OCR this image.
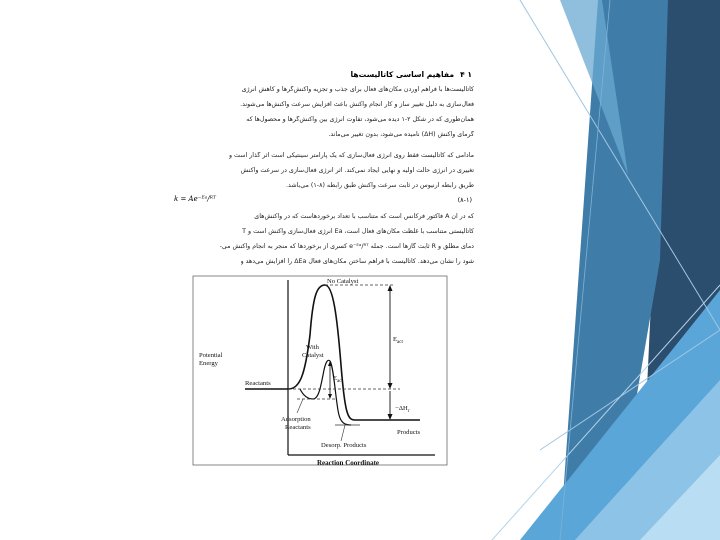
۱ ۴مفاهیم اساسی کاتالیست‌ها
کاتالیست‌ها با فراهم آوردن مکان‌های فعال برای جذب و تجزیه واکنش‌گرها و کاهش انرژی
فعال‌سازی به دلیل تغییر ساز و کار انجام واکنش باعث افزایش سرعت واکنش‌ها می‌شوند.
همان‌طوری که در شکل ۲-۱ دیده می‌شود، تفاوت انرژی بین واکنش‌گرها و محصول‌ها که
گرمای واکنش (ΔH) نامیده می‌شود، بدون تغییر می‌ماند.
مادامی که کاتالیست فقط روی انرژی فعال‌سازی که یک پارامتر سینتیکی است اثر گذار است و
تغییری در انرژی حالت اولیه و نهایی ایجاد نمی‌کند. اثر انرژی فعال‌سازی در سرعت واکنش
طریق رابطه آرنیوس در ثابت سرعت واکنش طبق رابطه (۸-۱) می‌باشد.
k = Ae⁻ᴱᵃ/ᴿᵀ	(۸-۱)
که در آن A فاکتور فرکانس است که متناسب با تعداد برخوردهاست که در واکنش‌های
کاتالیستی متناسب با غلظت مکان‌های فعال است، Ea انرژی فعال‌سازی واکنش است و T
دمای مطلق و R ثابت گازها است. جمله e⁻ᴱᵃ/ᴿᵀ کسری از برخوردها که منجر به انجام واکنش می‌-
شود را نشان می‌دهد. کاتالیست با فراهم ساختن مکان‌های فعال ΔEa را افزایش می‌دهد و
No Catalyst
With
Catalyst
Potential
Energy
Reactants
Adsorption
Reactants
Desorp. Products
Products
$E_{act}$
$E_{act}$
$-\Delta H_r$
Reaction Coordinate
